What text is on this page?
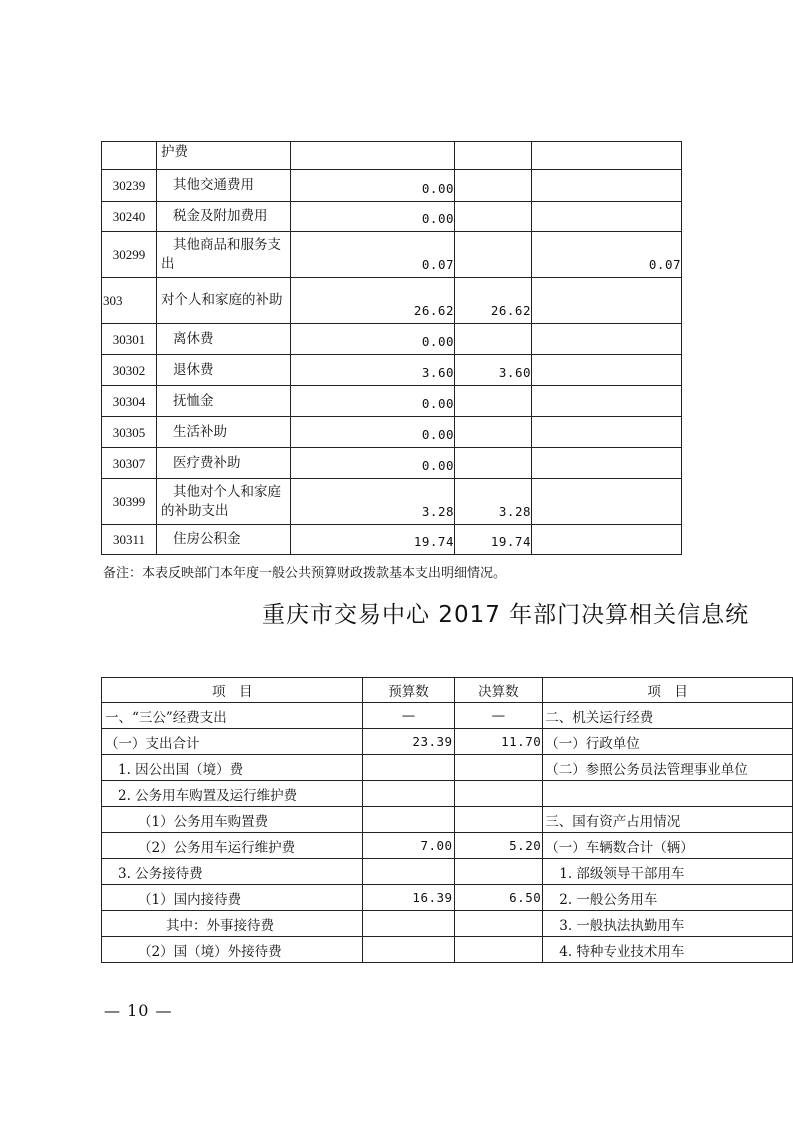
	护费			
30239	其他交通费用	0.00		
30240	税金及附加费用	0.00		
30299	其他商品和服务支出	0.07		0.07
303	对个人和家庭的补助	26.62	26.62	
30301	离休费	0.00		
30302	退休费	3.60	3.60	
30304	抚恤金	0.00		
30305	生活补助	0.00		
30307	医疗费补助	0.00		
30399	其他对个人和家庭的补助支出	3.28	3.28	
30311	住房公积金	19.74	19.74	
备注：本表反映部门本年度一般公共预算财政拨款基本支出明细情况。
重庆市交易中心 2017 年部门决算相关信息统
项　目	预算数	决算数	项　目
一、“三公”经费支出	—	—	二、机关运行经费
（一）支出合计	23.39	11.70	（一）行政单位
1. 因公出国（境）费			（二）参照公务员法管理事业单位
2. 公务用车购置及运行维护费			
（1）公务用车购置费			三、国有资产占用情况
（2）公务用车运行维护费	7.00	5.20	（一）车辆数合计（辆）
3. 公务接待费			1. 部级领导干部用车
（1）国内接待费	16.39	6.50	2. 一般公务用车
其中：外事接待费			3. 一般执法执勤用车
（2）国（境）外接待费			4. 特种专业技术用车
— 10 —
